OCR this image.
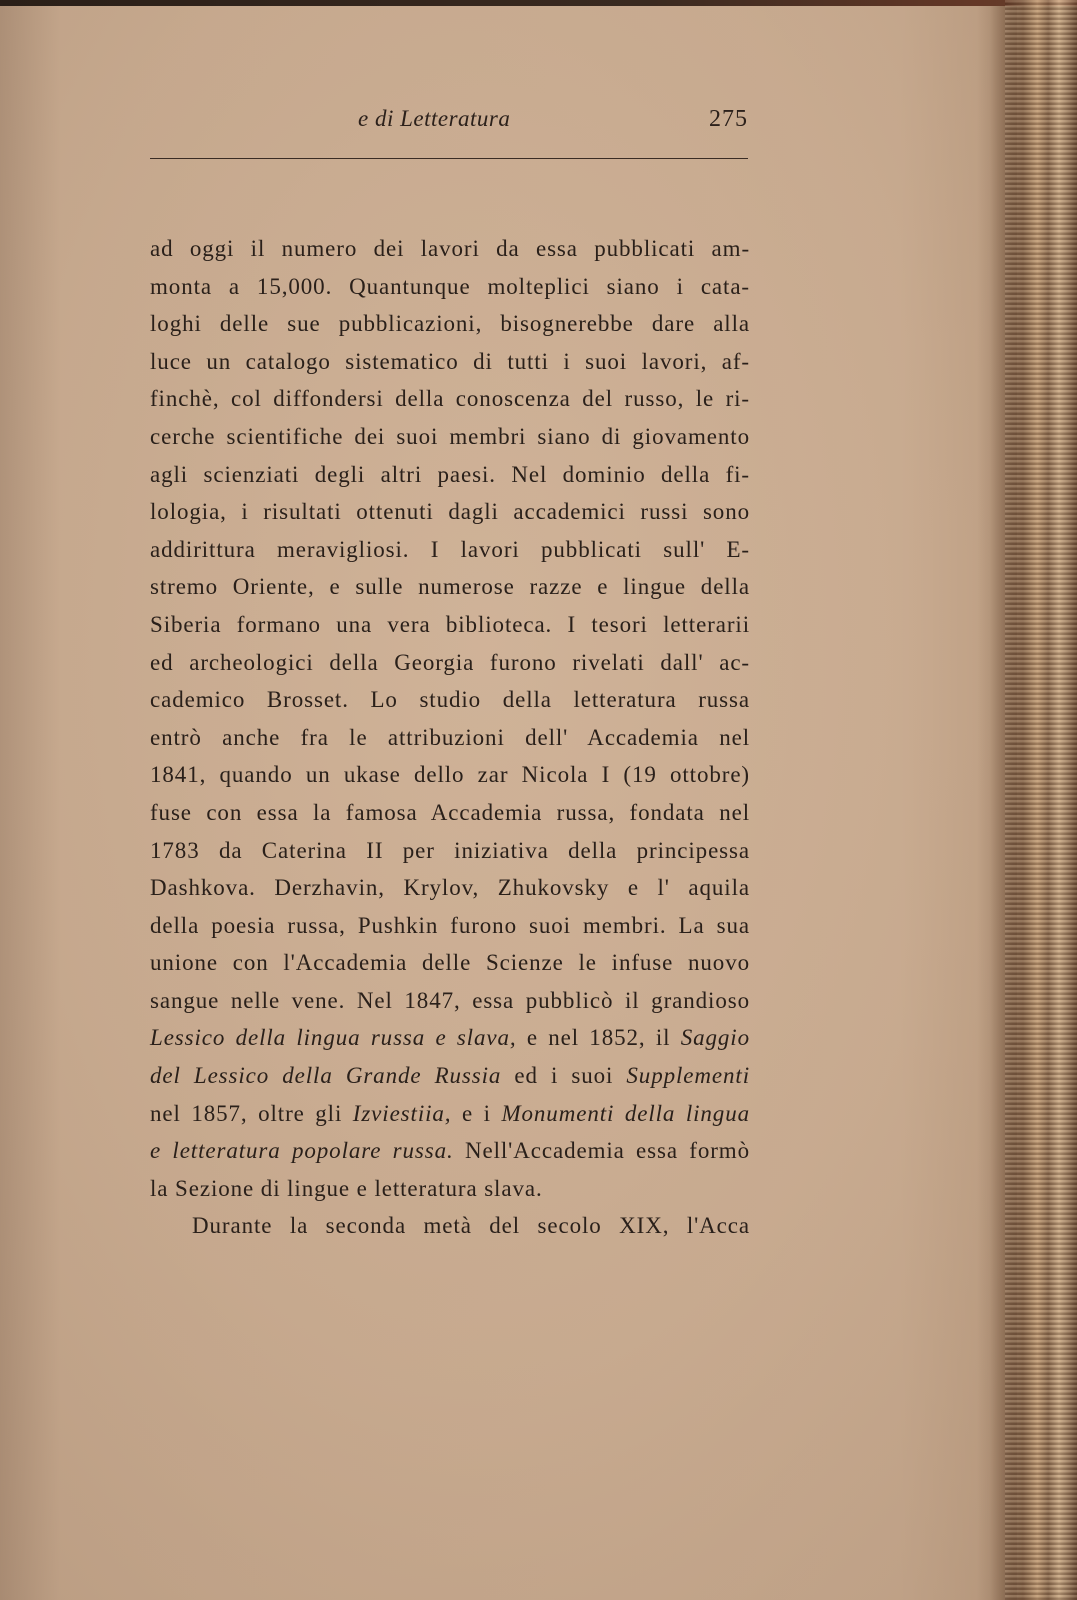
e di Letteratura	275
ad oggi il numero dei lavori da essa pubblicati am-
monta a 15,000. Quantunque molteplici siano i cata-
loghi delle sue pubblicazioni, bisognerebbe dare alla
luce un catalogo sistematico di tutti i suoi lavori, af-
finchè, col diffondersi della conoscenza del russo, le ri-
cerche scientifiche dei suoi membri siano di giovamento
agli scienziati degli altri paesi. Nel dominio della fi-
lologia, i risultati ottenuti dagli accademici russi sono
addirittura meravigliosi. I lavori pubblicati sull' E-
stremo Oriente, e sulle numerose razze e lingue della
Siberia formano una vera biblioteca. I tesori letterarii
ed archeologici della Georgia furono rivelati dall' ac-
cademico Brosset. Lo studio della letteratura russa
entrò anche fra le attribuzioni dell' Accademia nel
1841, quando un ukase dello zar Nicola I (19 ottobre)
fuse con essa la famosa Accademia russa, fondata nel
1783 da Caterina II per iniziativa della principessa
Dashkova. Derzhavin, Krylov, Zhukovsky e l' aquila
della poesia russa, Pushkin furono suoi membri. La sua
unione con l'Accademia delle Scienze le infuse nuovo
sangue nelle vene. Nel 1847, essa pubblicò il grandioso
Lessico della lingua russa e slava, e nel 1852, il Saggio
del Lessico della Grande Russia ed i suoi Supplementi
nel 1857, oltre gli Izviestiia, e i Monumenti della lingua
e letteratura popolare russa. Nell'Accademia essa formò
la Sezione di lingue e letteratura slava.
Durante la seconda metà del secolo XIX, l'Acca
